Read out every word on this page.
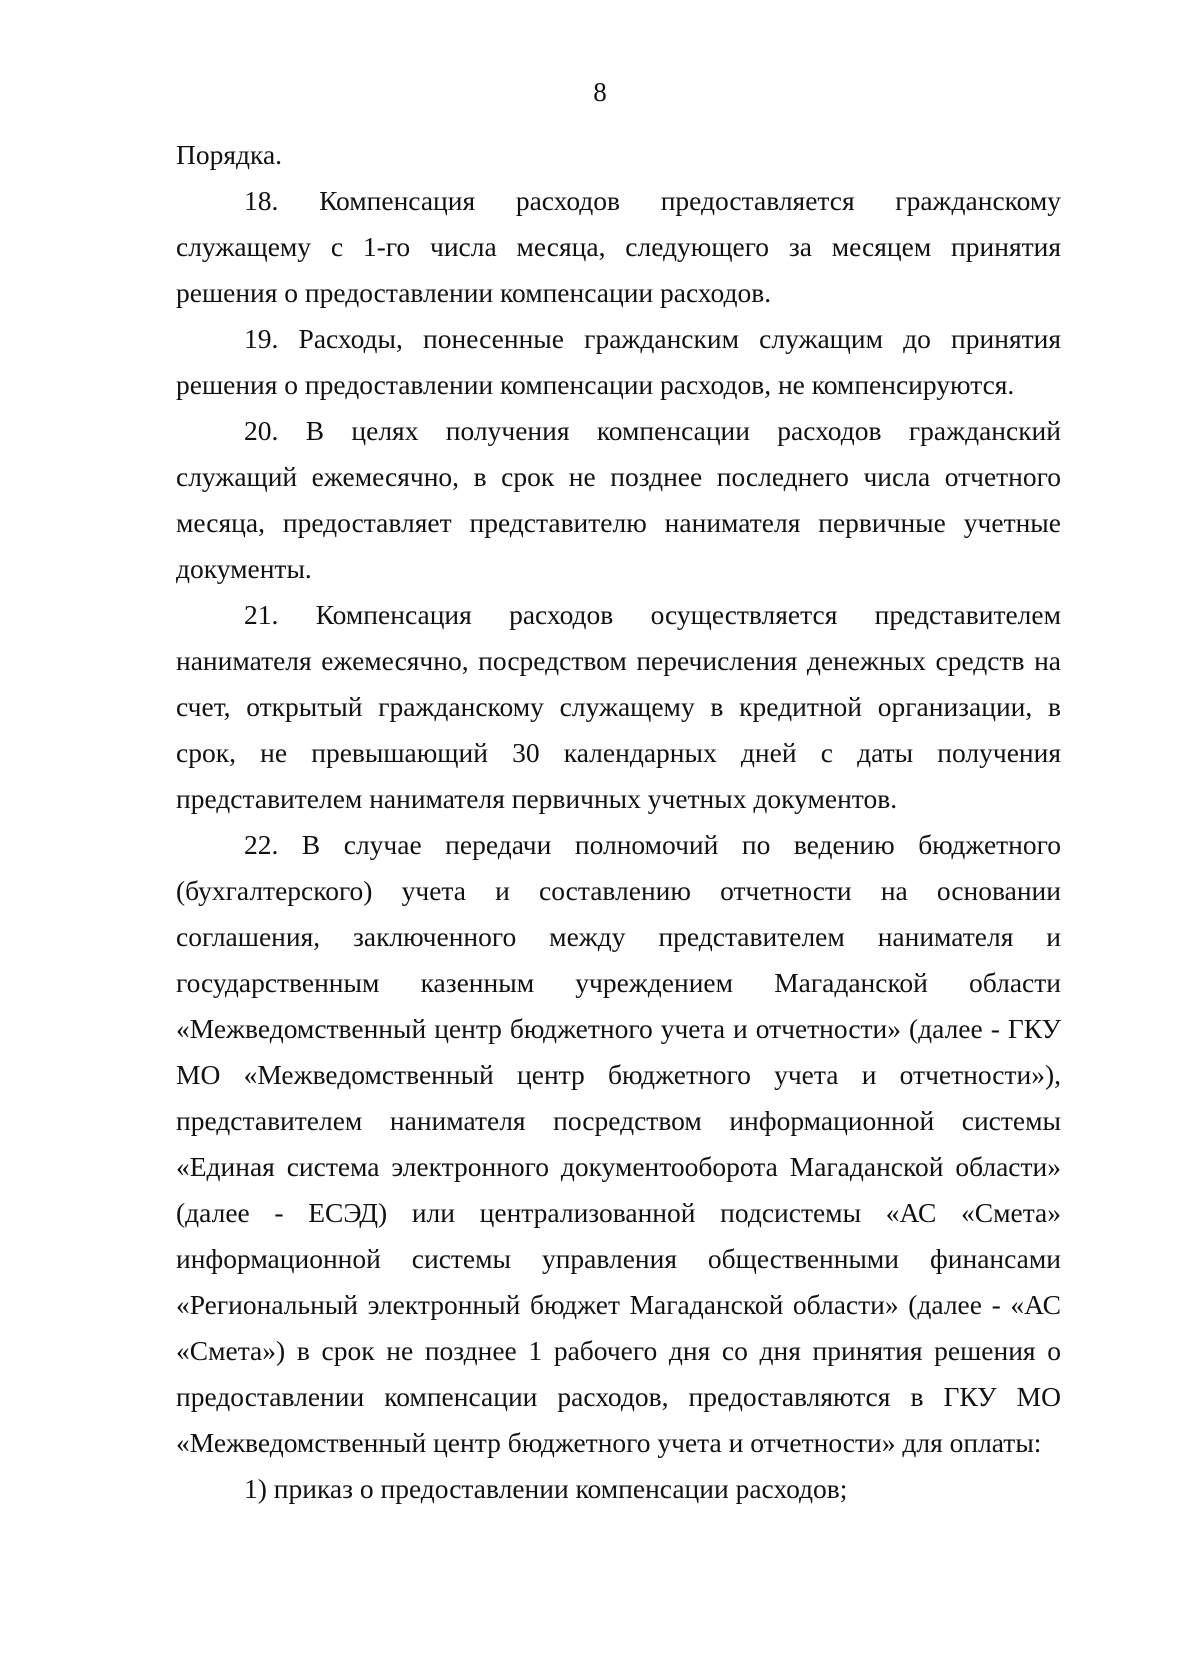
8

Порядка.

18. Компенсация расходов предоставляется гражданскому служащему с 1-го числа месяца, следующего за месяцем принятия решения о предоставлении компенсации расходов.

19. Расходы, понесенные гражданским служащим до принятия решения о предоставлении компенсации расходов, не компенсируются.

20. В целях получения компенсации расходов гражданский служащий ежемесячно, в срок не позднее последнего числа отчетного месяца, предоставляет представителю нанимателя первичные учетные документы.

21. Компенсация расходов осуществляется представителем нанимателя ежемесячно, посредством перечисления денежных средств на счет, открытый гражданскому служащему в кредитной организации, в срок, не превышающий 30 календарных дней с даты получения представителем нанимателя первичных учетных документов.

22. В случае передачи полномочий по ведению бюджетного (бухгалтерского) учета и составлению отчетности на основании соглашения, заключенного между представителем нанимателя и государственным казенным учреждением Магаданской области «Межведомственный центр бюджетного учета и отчетности» (далее - ГКУ МО «Межведомственный центр бюджетного учета и отчетности»), представителем нанимателя посредством информационной системы «Единая система электронного документооборота Магаданской области» (далее - ЕСЭД) или централизованной подсистемы «АС «Смета» информационной системы управления общественными финансами «Региональный электронный бюджет Магаданской области» (далее - «АС «Смета») в срок не позднее 1 рабочего дня со дня принятия решения о предоставлении компенсации расходов, предоставляются в ГКУ МО «Межведомственный центр бюджетного учета и отчетности» для оплаты:

1) приказ о предоставлении компенсации расходов;
